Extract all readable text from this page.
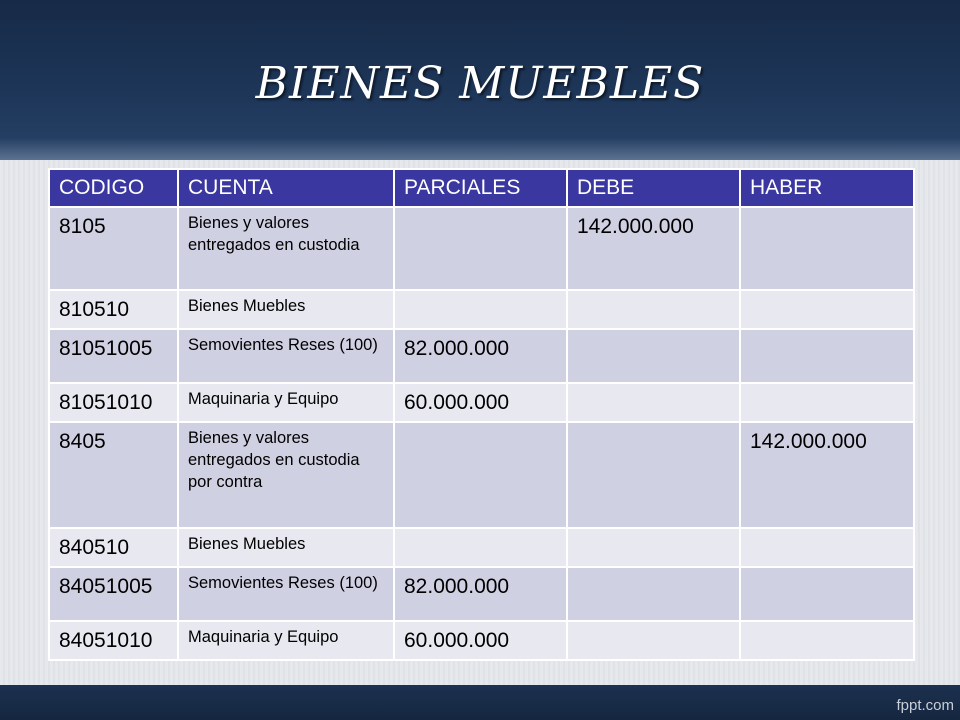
BIENES MUEBLES
CODIGO	CUENTA	PARCIALES	DEBE	HABER
8105	Bienes y valores entregados en custodia		142.000.000	
810510	Bienes Muebles			
81051005	Semovientes Reses (100)	82.000.000		
81051010	Maquinaria y Equipo	60.000.000		
8405	Bienes y valores entregados en custodia por contra			142.000.000
840510	Bienes Muebles			
84051005	Semovientes Reses (100)	82.000.000		
84051010	Maquinaria y Equipo	60.000.000		
fppt.com
